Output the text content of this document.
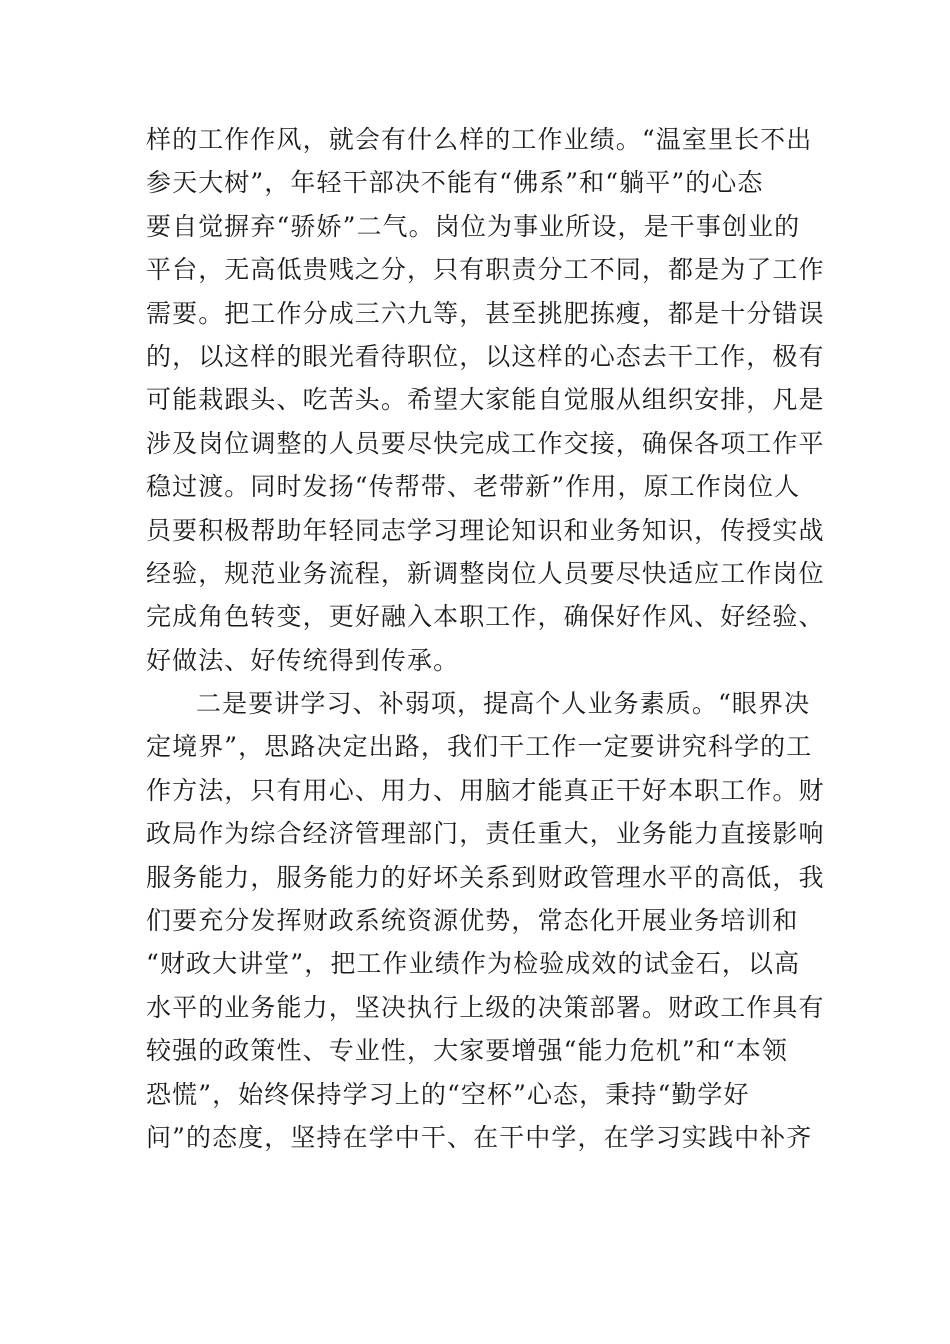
样的工作作风，就会有什么样的工作业绩。“温室里长不出
参天大树”，年轻干部决不能有“佛系”和“躺平”的心态
要自觉摒弃“骄娇”二气。岗位为事业所设，是干事创业的
平台，无高低贵贱之分，只有职责分工不同，都是为了工作
需要。把工作分成三六九等，甚至挑肥拣瘦，都是十分错误
的，以这样的眼光看待职位，以这样的心态去干工作，极有
可能栽跟头、吃苦头。希望大家能自觉服从组织安排，凡是
涉及岗位调整的人员要尽快完成工作交接，确保各项工作平
稳过渡。同时发扬“传帮带、老带新”作用，原工作岗位人
员要积极帮助年轻同志学习理论知识和业务知识，传授实战
经验，规范业务流程，新调整岗位人员要尽快适应工作岗位
完成角色转变，更好融入本职工作，确保好作风、好经验、
好做法、好传统得到传承。
二是要讲学习、补弱项，提高个人业务素质。“眼界决
定境界”，思路决定出路，我们干工作一定要讲究科学的工
作方法，只有用心、用力、用脑才能真正干好本职工作。财
政局作为综合经济管理部门，责任重大，业务能力直接影响
服务能力，服务能力的好坏关系到财政管理水平的高低，我
们要充分发挥财政系统资源优势，常态化开展业务培训和
“财政大讲堂”，把工作业绩作为检验成效的试金石，以高
水平的业务能力，坚决执行上级的决策部署。财政工作具有
较强的政策性、专业性，大家要增强“能力危机”和“本领
恐慌”，始终保持学习上的“空杯”心态，秉持“勤学好
问”的态度，坚持在学中干、在干中学，在学习实践中补齐
